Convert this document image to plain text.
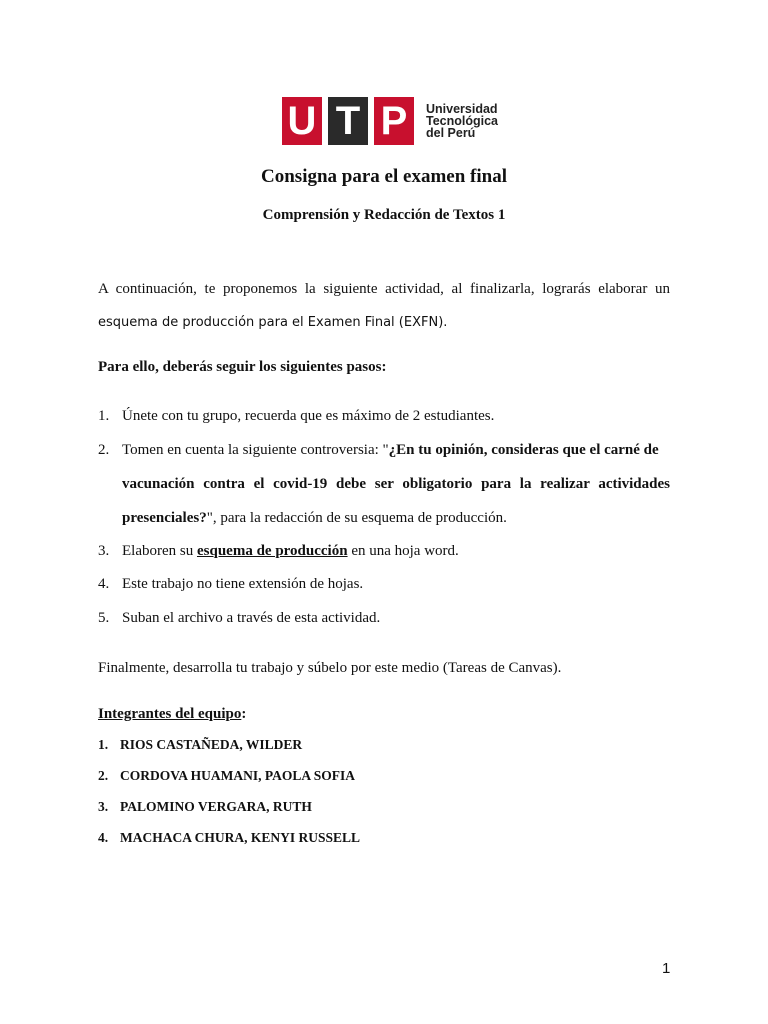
U T P	Universidad
Tecnológica
del Perú
Consigna para el examen final
Comprensión y Redacción de Textos 1
A continuación, te proponemos la siguiente actividad, al finalizarla, lograrás elaborar un
esquema de producción para el Examen Final (EXFN).
Para ello, deberás seguir los siguientes pasos:
1. Únete con tu grupo, recuerda que es máximo de 2 estudiantes.
2. Tomen en cuenta la siguiente controversia: "¿En tu opinión, consideras que el carné de
vacunación contra el covid-19 debe ser obligatorio para la realizar actividades
presenciales?", para la redacción de su esquema de producción.
3. Elaboren su esquema de producción en una hoja word.
4. Este trabajo no tiene extensión de hojas.
5. Suban el archivo a través de esta actividad.
Finalmente, desarrolla tu trabajo y súbelo por este medio (Tareas de Canvas).
Integrantes del equipo:
1. RIOS CASTAÑEDA, WILDER
2. CORDOVA HUAMANI, PAOLA SOFIA
3. PALOMINO VERGARA, RUTH
4. MACHACA CHURA, KENYI RUSSELL
1
